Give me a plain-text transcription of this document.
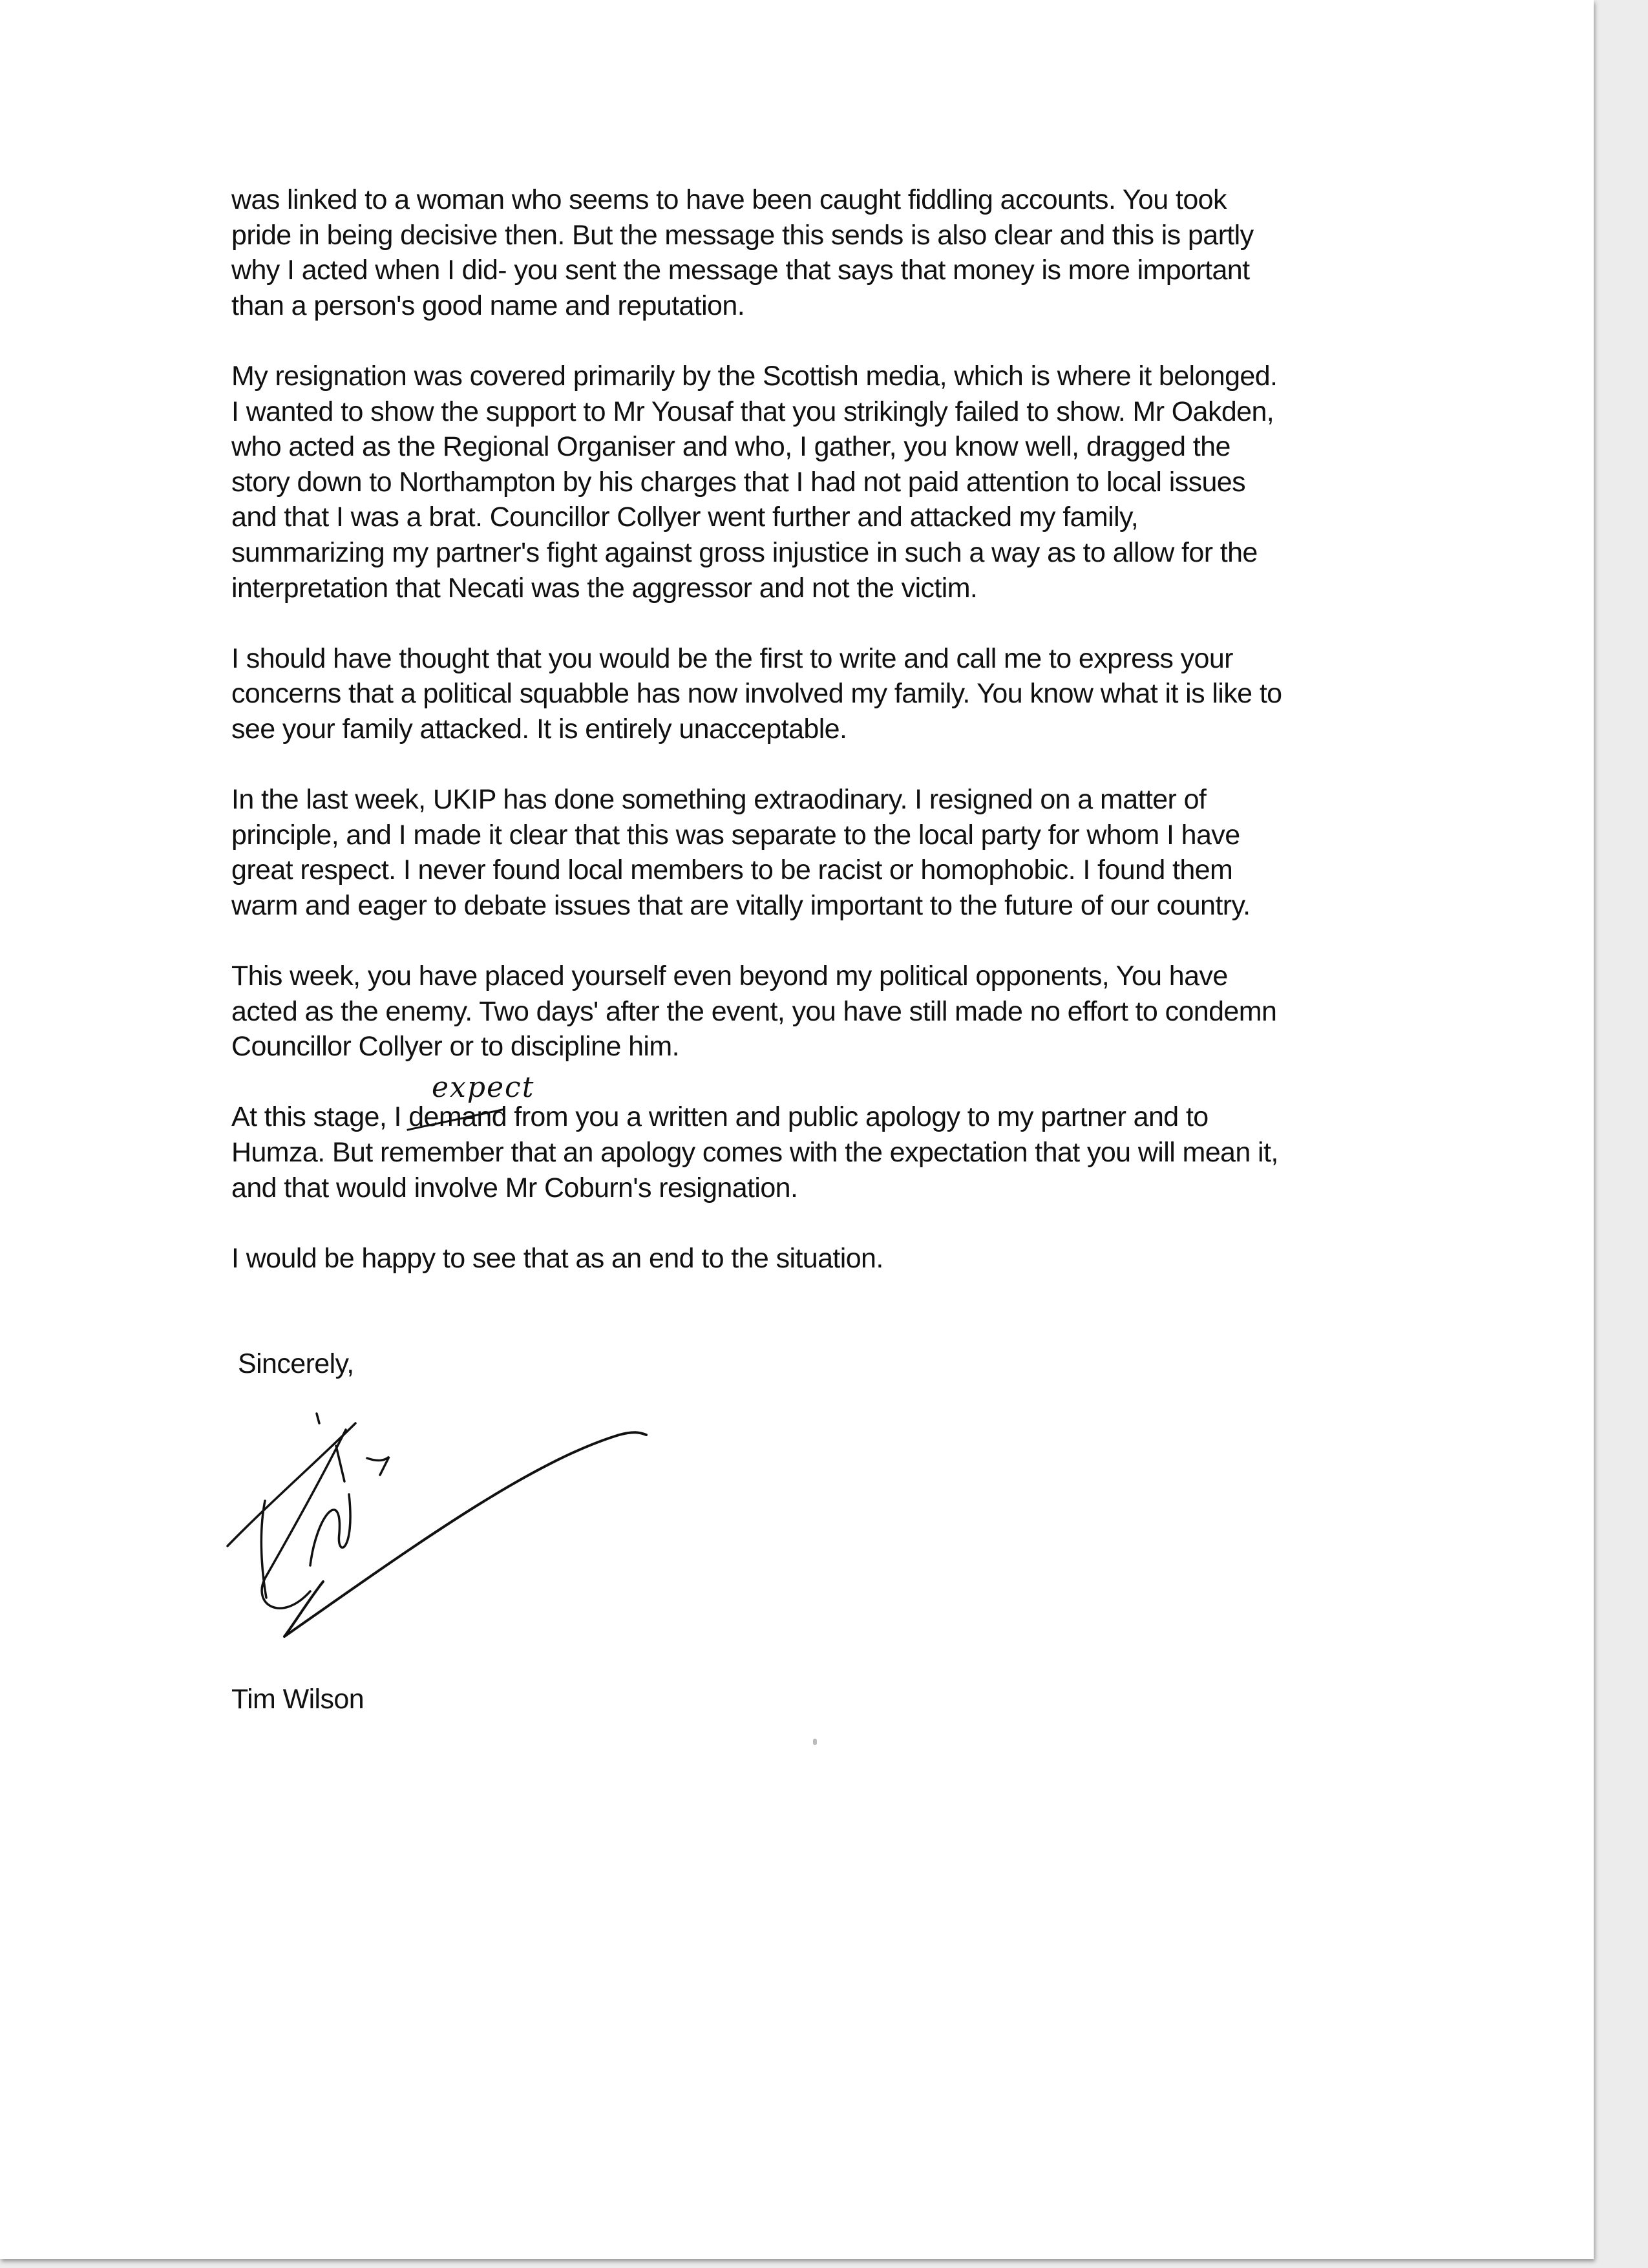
was linked to a woman who seems to have been caught fiddling accounts. You took
pride in being decisive then. But the message this sends is also clear and this is partly
why I acted when I did- you sent the message that says that money is more important
than a person's good name and reputation.

My resignation was covered primarily by the Scottish media, which is where it belonged.
I wanted to show the support to Mr Yousaf that you strikingly failed to show. Mr Oakden,
who acted as the Regional Organiser and who, I gather, you know well, dragged the
story down to Northampton by his charges that I had not paid attention to local issues
and that I was a brat. Councillor Collyer went further and attacked my family,
summarizing my partner's fight against gross injustice in such a way as to allow for the
interpretation that Necati was the aggressor and not the victim.

I should have thought that you would be the first to write and call me to express your
concerns that a political squabble has now involved my family. You know what it is like to
see your family attacked. It is entirely unacceptable.

In the last week, UKIP has done something extraodinary. I resigned on a matter of
principle, and I made it clear that this was separate to the local party for whom I have
great respect. I never found local members to be racist or homophobic. I found them
warm and eager to debate issues that are vitally important to the future of our country.

This week, you have placed yourself even beyond my political opponents, You have
acted as the enemy. Two days' after the event, you have still made no effort to condemn
Councillor Collyer or to discipline him.

expect

At this stage, I demand from you a written and public apology to my partner and to
Humza. But remember that an apology comes with the expectation that you will mean it,
and that would involve Mr Coburn's resignation.

I would be happy to see that as an end to the situation.

Sincerely,
Tim Wilson
